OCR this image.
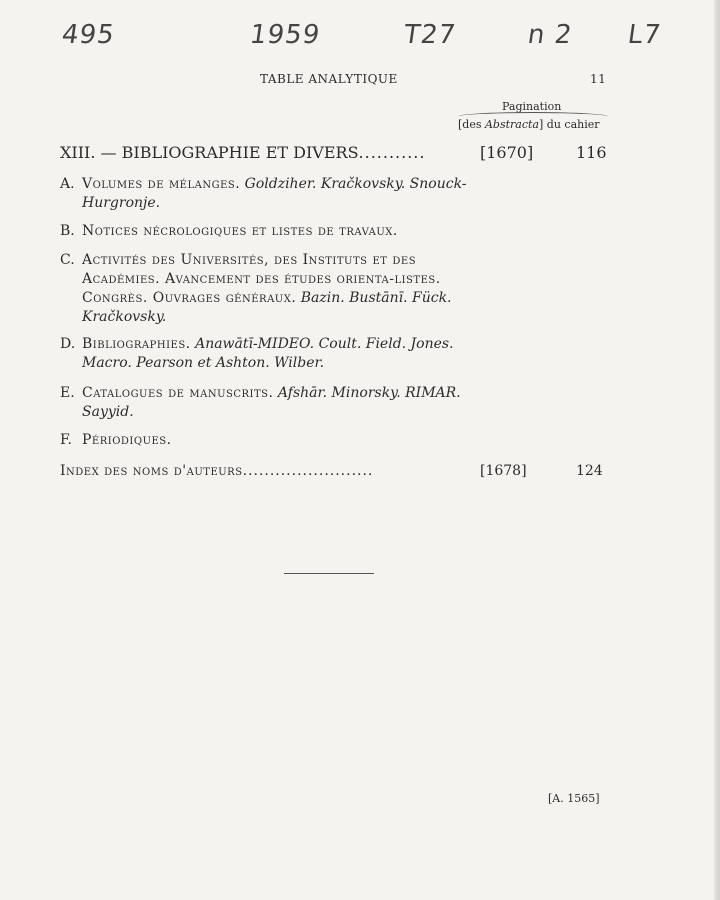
495	1959	T27	n 2 L7
TABLE ANALYTIQUE	11
Pagination
[des Abstracta] du cahier
XIII. — BIBLIOGRAPHIE ET DIVERS...........	[1670]	116
A. Volumes de mélanges. Goldziher. Kračkovsky. Snouck-Hurgronje.
B. Notices nécrologiques et listes de travaux.
C. Activités des Universités, des Instituts et des Académies. Avancement des études orienta-listes. Congrès. Ouvrages généraux. Bazin. Bustānī. Fück. Kračkovsky.
D. Bibliographies. Anawātī-MIDEO. Coult. Field. Jones. Macro. Pearson et Ashton. Wilber.
E. Catalogues de manuscrits. Afshār. Minorsky. RIMAR. Sayyid.
F. Périodiques.
Index des noms d'auteurs........................	[1678]	124
[A. 1565]
